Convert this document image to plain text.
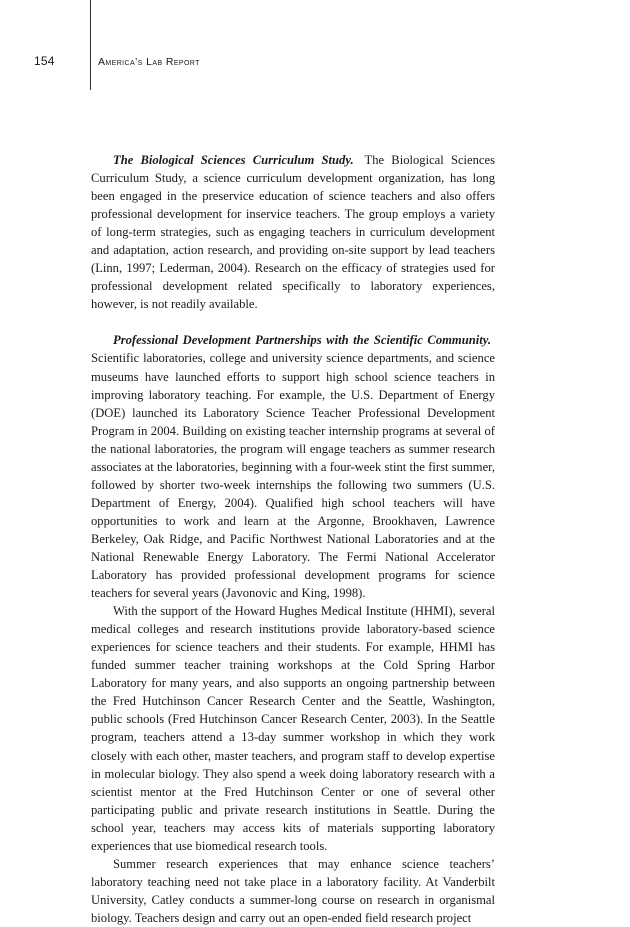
154	America’s Lab Report

The Biological Sciences Curriculum Study. The Biological Sciences Curriculum Study, a science curriculum development organization, has long been engaged in the preservice education of science teachers and also offers professional development for inservice teachers. The group employs a variety of long-term strategies, such as engaging teachers in curriculum development and adaptation, action research, and providing on-site support by lead teachers (Linn, 1997; Lederman, 2004). Research on the efficacy of strategies used for professional development related specifically to laboratory experiences, however, is not readily available.

Professional Development Partnerships with the Scientific Community. Scientific laboratories, college and university science departments, and science museums have launched efforts to support high school science teachers in improving laboratory teaching. For example, the U.S. Department of Energy (DOE) launched its Laboratory Science Teacher Professional Development Program in 2004. Building on existing teacher internship programs at several of the national laboratories, the program will engage teachers as summer research associates at the laboratories, beginning with a four-week stint the first summer, followed by shorter two-week internships the following two summers (U.S. Department of Energy, 2004). Qualified high school teachers will have opportunities to work and learn at the Argonne, Brookhaven, Lawrence Berkeley, Oak Ridge, and Pacific Northwest National Laboratories and at the National Renewable Energy Laboratory. The Fermi National Accelerator Laboratory has provided professional development programs for science teachers for several years (Javonovic and King, 1998).

With the support of the Howard Hughes Medical Institute (HHMI), several medical colleges and research institutions provide laboratory-based science experiences for science teachers and their students. For example, HHMI has funded summer teacher training workshops at the Cold Spring Harbor Laboratory for many years, and also supports an ongoing partnership between the Fred Hutchinson Cancer Research Center and the Seattle, Washington, public schools (Fred Hutchinson Cancer Research Center, 2003). In the Seattle program, teachers attend a 13-day summer workshop in which they work closely with each other, master teachers, and program staff to develop expertise in molecular biology. They also spend a week doing laboratory research with a scientist mentor at the Fred Hutchinson Center or one of several other participating public and private research institutions in Seattle. During the school year, teachers may access kits of materials supporting laboratory experiences that use biomedical research tools.

Summer research experiences that may enhance science teachers’ laboratory teaching need not take place in a laboratory facility. At Vanderbilt University, Catley conducts a summer-long course on research in organismal biology. Teachers design and carry out an open-ended field research project
